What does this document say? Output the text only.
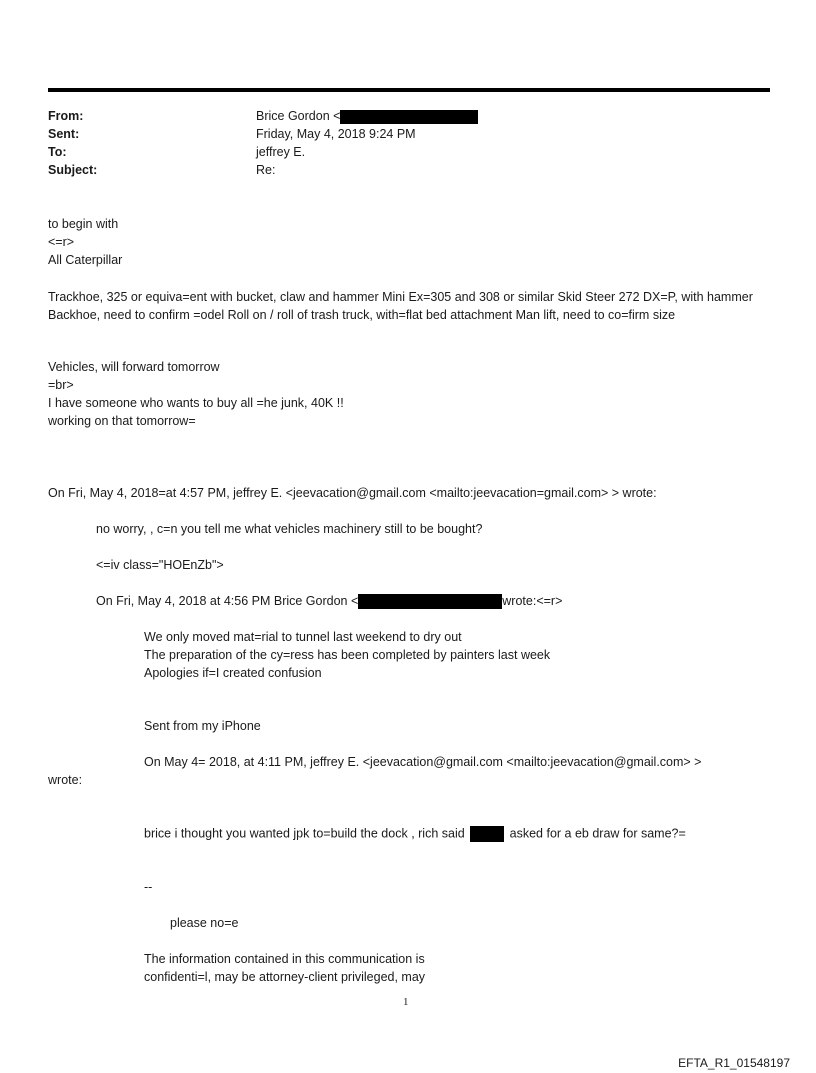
From:	Brice Gordon <
Sent:	Friday, May 4, 2018 9:24 PM
To:	jeffrey E.
Subject:	Re:
to begin with
<=r>
All Caterpillar
Trackhoe, 325 or equiva=ent with bucket, claw and hammer Mini Ex=305 and 308 or similar Skid Steer 272 DX=P, with hammer Backhoe, need to confirm =odel Roll on / roll of trash truck, with=flat bed attachment Man lift, need to co=firm size
Vehicles, will forward tomorrow
=br>
I have someone who wants to buy all =he junk, 40K !!
working on that tomorrow=
On Fri, May 4, 2018=at 4:57 PM, jeffrey E. <jeevacation@gmail.com <mailto:jeevacation=gmail.com> > wrote:
no worry, , c=n you tell me what vehicles machinery still to be bought?
<=iv class="HOEnZb">
On Fri, May 4, 2018 at 4:56 PM Brice Gordon <	wrote:<=r>
We only moved mat=rial to tunnel last weekend to dry out
The preparation of the cy=ress has been completed by painters last week
Apologies if=I created confusion
Sent from my iPhone
On May 4= 2018, at 4:11 PM, jeffrey E. <jeevacation@gmail.com <mailto:jeevacation@gmail.com> >
wrote:
brice i thought you wanted jpk to=build the dock , rich said	asked for a eb draw for same?=
--
please no=e
The information contained in this communication is
confidenti=l, may be attorney-client privileged, may
1
EFTA_R1_01548197
